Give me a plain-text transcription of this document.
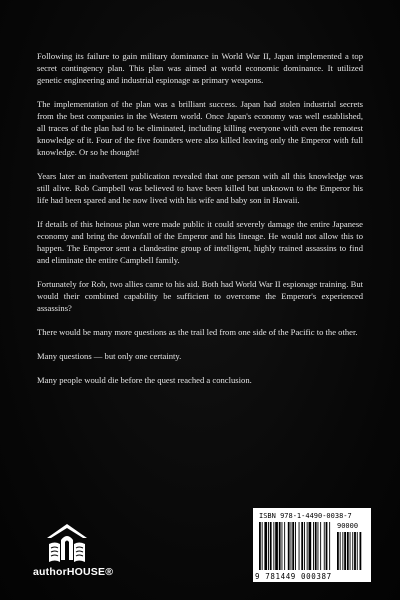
Following its failure to gain military dominance in World War II, Japan implemented a top secret contingency plan. This plan was aimed at world economic dominance. It utilized genetic engineering and industrial espionage as primary weapons.

The implementation of the plan was a brilliant success. Japan had stolen industrial secrets from the best companies in the Western world. Once Japan's economy was well established, all traces of the plan had to be eliminated, including killing everyone with even the remotest knowledge of it. Four of the five founders were also killed leaving only the Emperor with full knowledge. Or so he thought!

Years later an inadvertent publication revealed that one person with all this knowledge was still alive. Rob Campbell was believed to have been killed but unknown to the Emperor his life had been spared and he now lived with his wife and baby son in Hawaii.

If details of this heinous plan were made public it could severely damage the entire Japanese economy and bring the downfall of the Emperor and his lineage. He would not allow this to happen. The Emperor sent a clandestine group of intelligent, highly trained assassins to find and eliminate the entire Campbell family.

Fortunately for Rob, two allies came to his aid. Both had World War II espionage training. But would their combined capability be sufficient to overcome the Emperor's experienced assassins?

There would be many more questions as the trail led from one side of the Pacific to the other.

Many questions — but only one certainty.

Many people would die before the quest reached a conclusion.

authorHOUSE®
ISBN 978-1-4490-0038-7
90000
9 781449 000387
